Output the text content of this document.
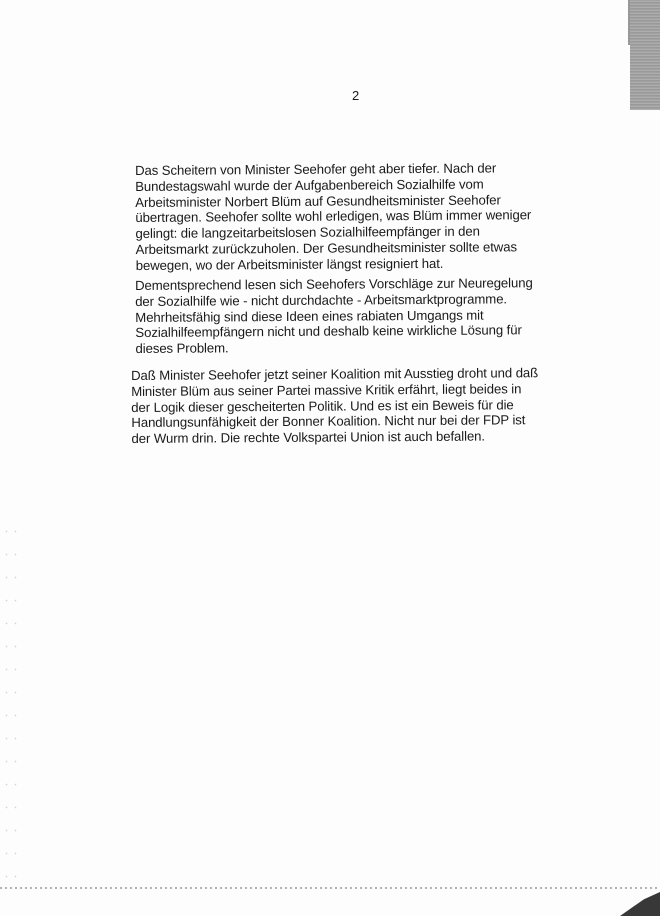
2
Das Scheitern von Minister Seehofer geht aber tiefer. Nach der
Bundestagswahl wurde der Aufgabenbereich Sozialhilfe vom
Arbeitsminister Norbert Blüm auf Gesundheitsminister Seehofer
übertragen. Seehofer sollte wohl erledigen, was Blüm immer weniger
gelingt: die langzeitarbeitslosen Sozialhilfeempfänger in den
Arbeitsmarkt zurückzuholen. Der Gesundheitsminister sollte etwas
bewegen, wo der Arbeitsminister längst resigniert hat.
Dementsprechend lesen sich Seehofers Vorschläge zur Neuregelung
der Sozialhilfe wie - nicht durchdachte - Arbeitsmarktprogramme.
Mehrheitsfähig sind diese Ideen eines rabiaten Umgangs mit
Sozialhilfeempfängern nicht und deshalb keine wirkliche Lösung für
dieses Problem.
Daß Minister Seehofer jetzt seiner Koalition mit Ausstieg droht und daß
Minister Blüm aus seiner Partei massive Kritik erfährt, liegt beides in
der Logik dieser gescheiterten Politik. Und es ist ein Beweis für die
Handlungsunfähigkeit der Bonner Koalition. Nicht nur bei der FDP ist
der Wurm drin. Die rechte Volkspartei Union ist auch befallen.
